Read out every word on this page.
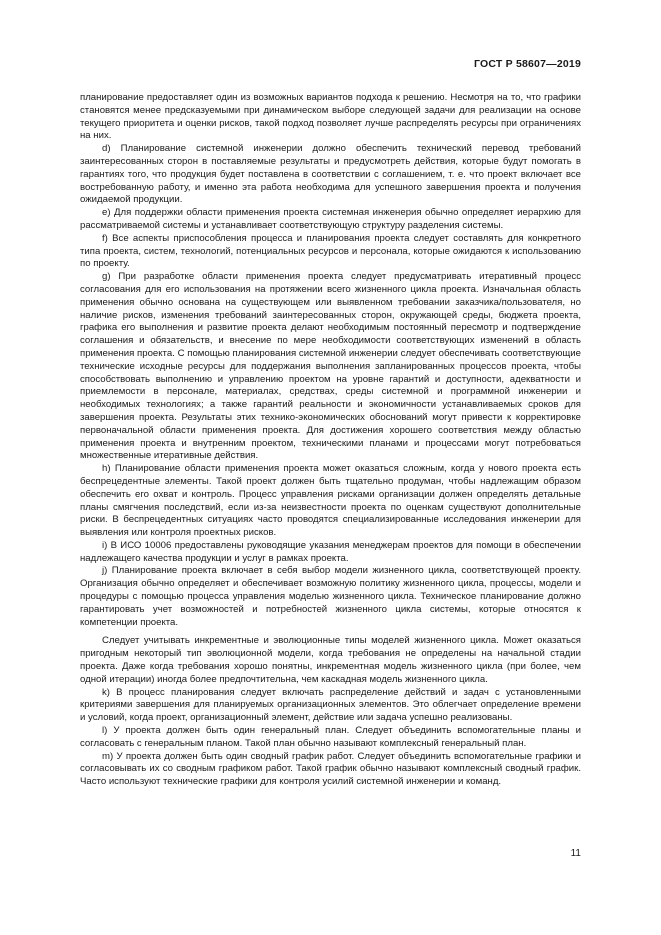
ГОСТ Р 58607—2019

планирование предоставляет один из возможных вариантов подхода к решению. Несмотря на то, что графики становятся менее предсказуемыми при динамическом выборе следующей задачи для реализации на основе текущего приоритета и оценки рисков, такой подход позволяет лучше распределять ресурсы при ограничениях на них.

d) Планирование системной инженерии должно обеспечить технический перевод требований заинтересованных сторон в поставляемые результаты и предусмотреть действия, которые будут помогать в гарантиях того, что продукция будет поставлена в соответствии с соглашением, т. е. что проект включает все востребованную работу, и именно эта работа необходима для успешного завершения проекта и получения ожидаемой продукции.

e) Для поддержки области применения проекта системная инженерия обычно определяет иерархию для рассматриваемой системы и устанавливает соответствующую структуру разделения системы.

f) Все аспекты приспособления процесса и планирования проекта следует составлять для конкретного типа проекта, систем, технологий, потенциальных ресурсов и персонала, которые ожидаются к использованию по проекту.

g) При разработке области применения проекта следует предусматривать итеративный процесс согласования для его использования на протяжении всего жизненного цикла проекта. Изначальная область применения обычно основана на существующем или выявленном требовании заказчика/пользователя, но наличие рисков, изменения требований заинтересованных сторон, окружающей среды, бюджета проекта, графика его выполнения и развитие проекта делают необходимым постоянный пересмотр и подтверждение соглашения и обязательств, и внесение по мере необходимости соответствующих изменений в область применения проекта. С помощью планирования системной инженерии следует обеспечивать соответствующие технические исходные ресурсы для поддержания выполнения запланированных процессов проекта, чтобы способствовать выполнению и управлению проектом на уровне гарантий и доступности, адекватности и приемлемости в персонале, материалах, средствах, среды системной и программной инженерии и необходимых технологиях; а также гарантий реальности и экономичности устанавливаемых сроков для завершения проекта. Результаты этих технико-экономических обоснований могут привести к корректировке первоначальной области применения проекта. Для достижения хорошего соответствия между областью применения проекта и внутренним проектом, техническими планами и процессами могут потребоваться множественные итеративные действия.

h) Планирование области применения проекта может оказаться сложным, когда у нового проекта есть беспрецедентные элементы. Такой проект должен быть тщательно продуман, чтобы надлежащим образом обеспечить его охват и контроль. Процесс управления рисками организации должен определять детальные планы смягчения последствий, если из-за неизвестности проекта по оценкам существуют дополнительные риски. В беспрецедентных ситуациях часто проводятся специализированные исследования инженерии для выявления или контроля проектных рисков.

i) В ИСО 10006 предоставлены руководящие указания менеджерам проектов для помощи в обеспечении надлежащего качества продукции и услуг в рамках проекта.

j) Планирование проекта включает в себя выбор модели жизненного цикла, соответствующей проекту. Организация обычно определяет и обеспечивает возможную политику жизненного цикла, процессы, модели и процедуры с помощью процесса управления моделью жизненного цикла. Техническое планирование должно гарантировать учет возможностей и потребностей жизненного цикла системы, которые относятся к компетенции проекта.

Следует учитывать инкрементные и эволюционные типы моделей жизненного цикла. Может оказаться пригодным некоторый тип эволюционной модели, когда требования не определены на начальной стадии проекта. Даже когда требования хорошо понятны, инкрементная модель жизненного цикла (при более, чем одной итерации) иногда более предпочтительна, чем каскадная модель жизненного цикла.

k) В процесс планирования следует включать распределение действий и задач с установленными критериями завершения для планируемых организационных элементов. Это облегчает определение времени и условий, когда проект, организационный элемент, действие или задача успешно реализованы.

l) У проекта должен быть один генеральный план. Следует объединить вспомогательные планы и согласовать с генеральным планом. Такой план обычно называют комплексный генеральный план.

m) У проекта должен быть один сводный график работ. Следует объединить вспомогательные графики и согласовывать их со сводным графиком работ. Такой график обычно называют комплексный сводный график. Часто используют технические графики для контроля усилий системной инженерии и команд.

11
